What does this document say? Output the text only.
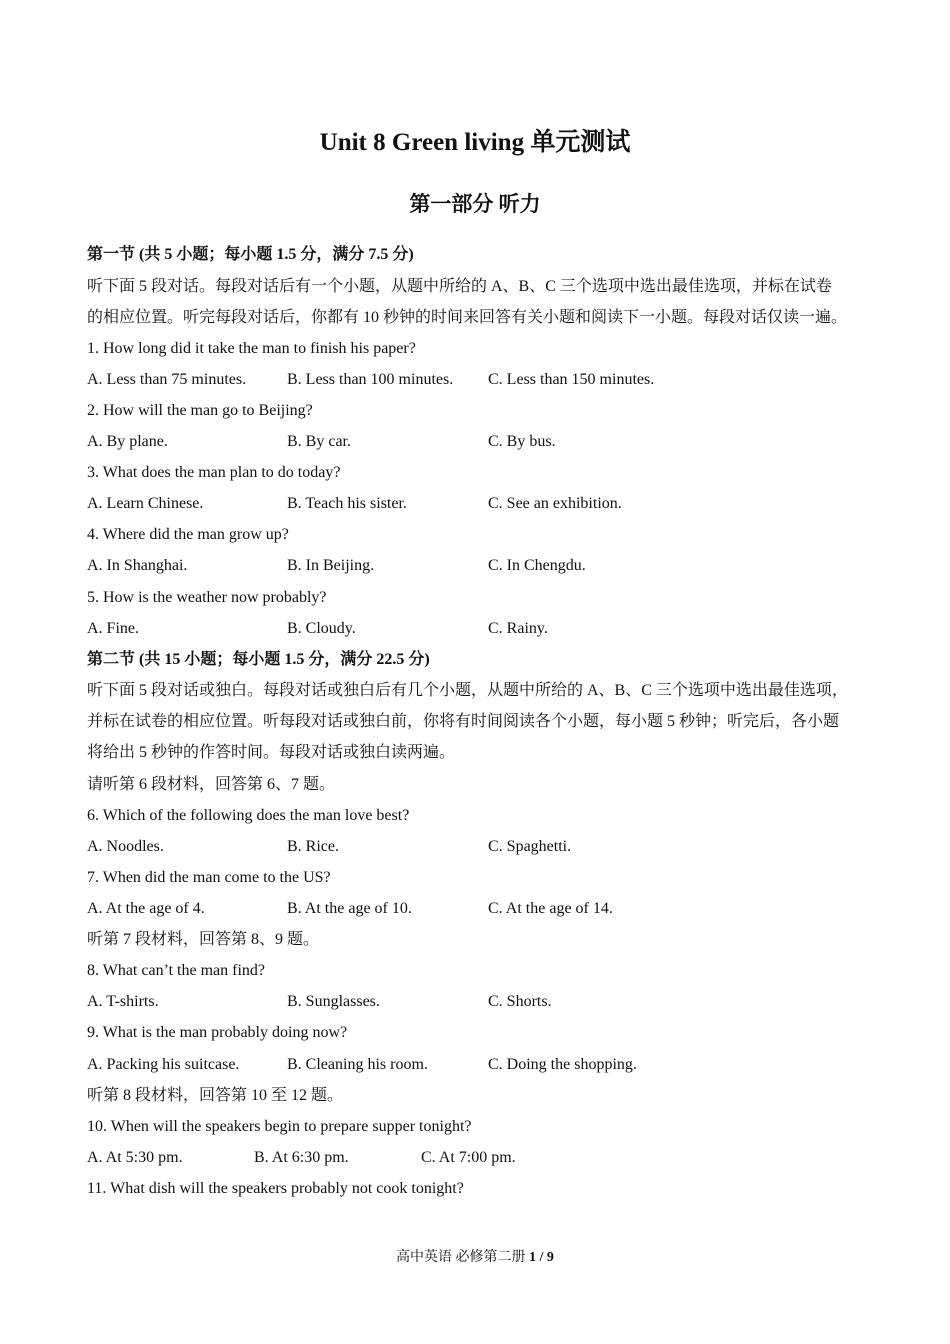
Unit 8 Green living 单元测试
第一部分 听力
第一节 (共 5 小题；每小题 1.5 分，满分 7.5 分)
听下面 5 段对话。每段对话后有一个小题，从题中所给的 A、B、C 三个选项中选出最佳选项，并标在试卷
的相应位置。听完每段对话后，你都有 10 秒钟的时间来回答有关小题和阅读下一小题。每段对话仅读一遍。
1. How long did it take the man to finish his paper?
A. Less than 75 minutes.	B. Less than 100 minutes. C. Less than 150 minutes.
2. How will the man go to Beijing?
A. By plane.	B. By car.	C. By bus.
3. What does the man plan to do today?
A. Learn Chinese.	B. Teach his sister.	C. See an exhibition.
4. Where did the man grow up?
A. In Shanghai.	B. In Beijing.	C. In Chengdu.
5. How is the weather now probably?
A. Fine.	B. Cloudy.	C. Rainy.
第二节 (共 15 小题；每小题 1.5 分，满分 22.5 分)
听下面 5 段对话或独白。每段对话或独白后有几个小题，从题中所给的 A、B、C 三个选项中选出最佳选项，
并标在试卷的相应位置。听每段对话或独白前，你将有时间阅读各个小题，每小题 5 秒钟；听完后，各小题
将给出 5 秒钟的作答时间。每段对话或独白读两遍。
请听第 6 段材料，回答第 6、7 题。
6. Which of the following does the man love best?
A. Noodles.	B. Rice.	C. Spaghetti.
7. When did the man come to the US?
A. At the age of 4.	B. At the age of 10.	C. At the age of 14.
听第 7 段材料，回答第 8、9 题。
8. What can’t the man find?
A. T-shirts.	B. Sunglasses.	C. Shorts.
9. What is the man probably doing now?
A. Packing his suitcase.	B. Cleaning his room.	C. Doing the shopping.
听第 8 段材料，回答第 10 至 12 题。
10. When will the speakers begin to prepare supper tonight?
A. At 5:30 pm.	B. At 6:30 pm.	C. At 7:00 pm.
11. What dish will the speakers probably not cook tonight?
高中英语 必修第二册 1 / 9
